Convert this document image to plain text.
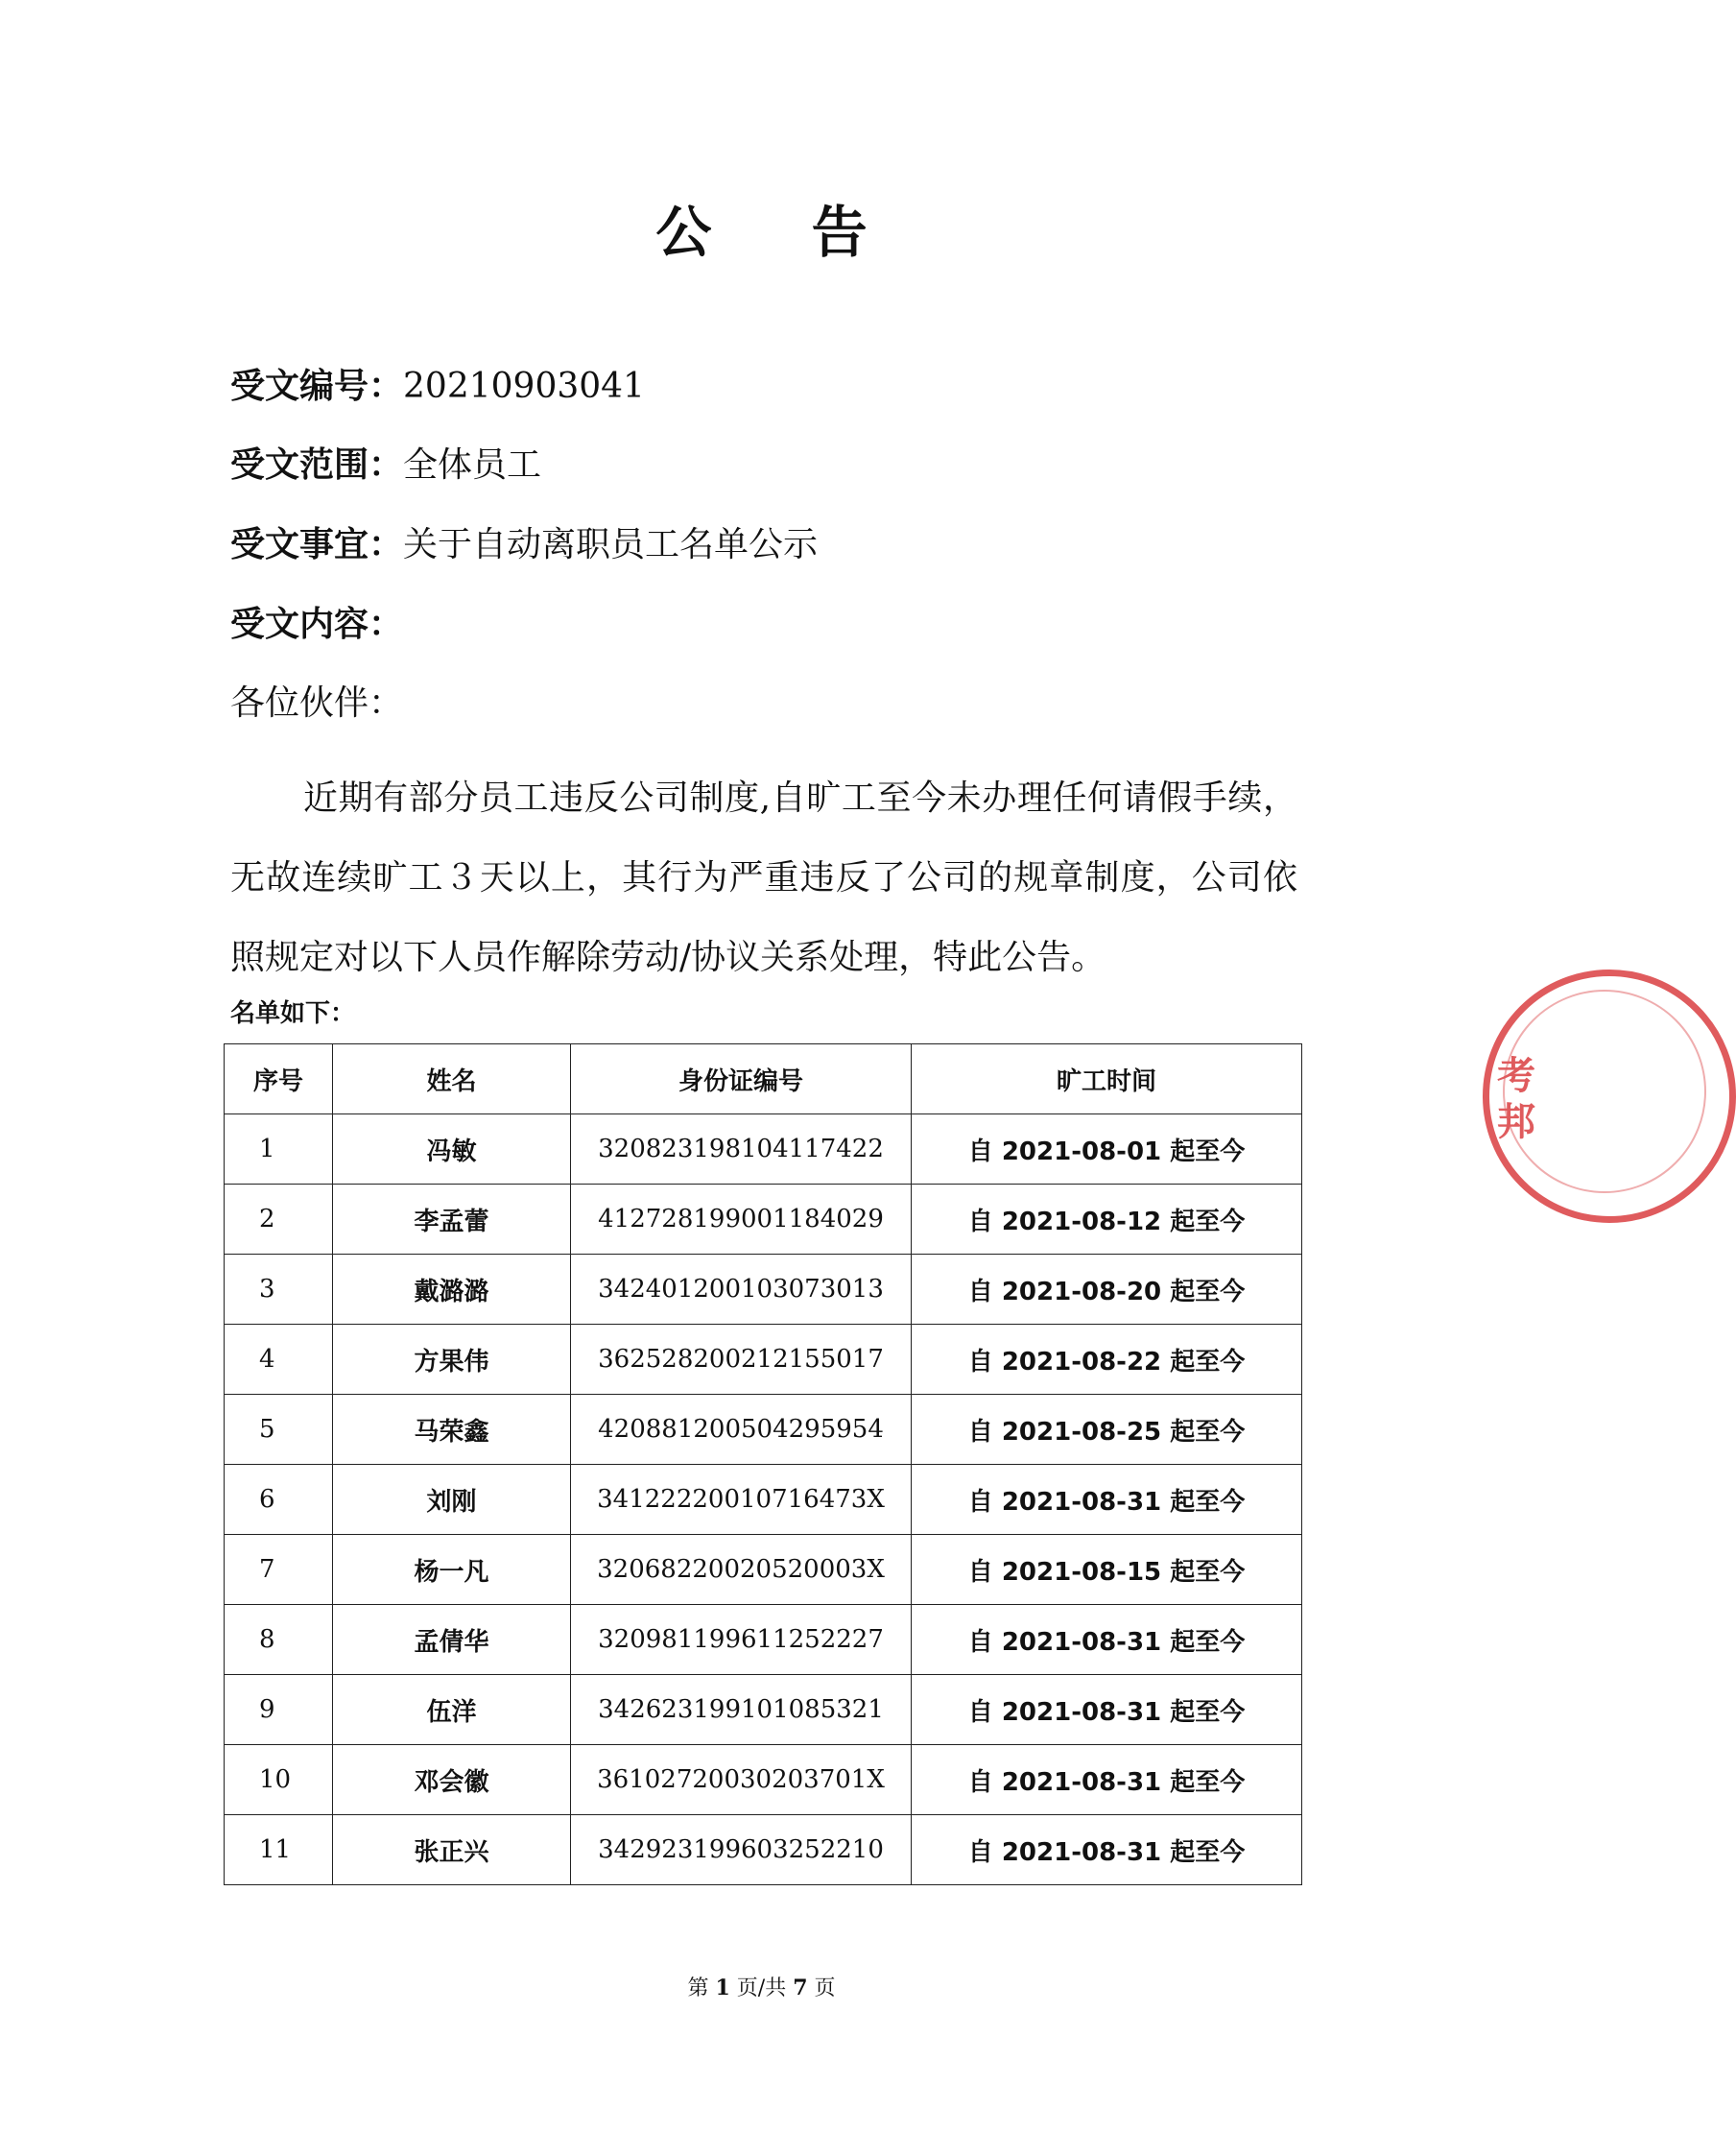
公 告
受文编号：20210903041
受文范围：全体员工
受文事宜：关于自动离职员工名单公示
受文内容：
各位伙伴：
近期有部分员工违反公司制度,自旷工至今未办理任何请假手续，无故连续旷工３天以上，其行为严重违反了公司的规章制度，公司依照规定对以下人员作解除劳动/协议关系处理，特此公告。
名单如下：
序号	姓名	身份证编号	旷工时间
1	冯敏	320823198104117422	自 2021-08-01 起至今
2	李孟蕾	412728199001184029	自 2021-08-12 起至今
3	戴潞潞	342401200103073013	自 2021-08-20 起至今
4	方果伟	362528200212155017	自 2021-08-22 起至今
5	马荣鑫	420881200504295954	自 2021-08-25 起至今
6	刘刚	34122220010716473X	自 2021-08-31 起至今
7	杨一凡	32068220020520003X	自 2021-08-15 起至今
8	孟倩华	320981199611252227	自 2021-08-31 起至今
9	伍洋	342623199101085321	自 2021-08-31 起至今
10	邓会徽	36102720030203701X	自 2021-08-31 起至今
11	张正兴	342923199603252210	自 2021-08-31 起至今
第 1 页/共 7 页
考
邦
